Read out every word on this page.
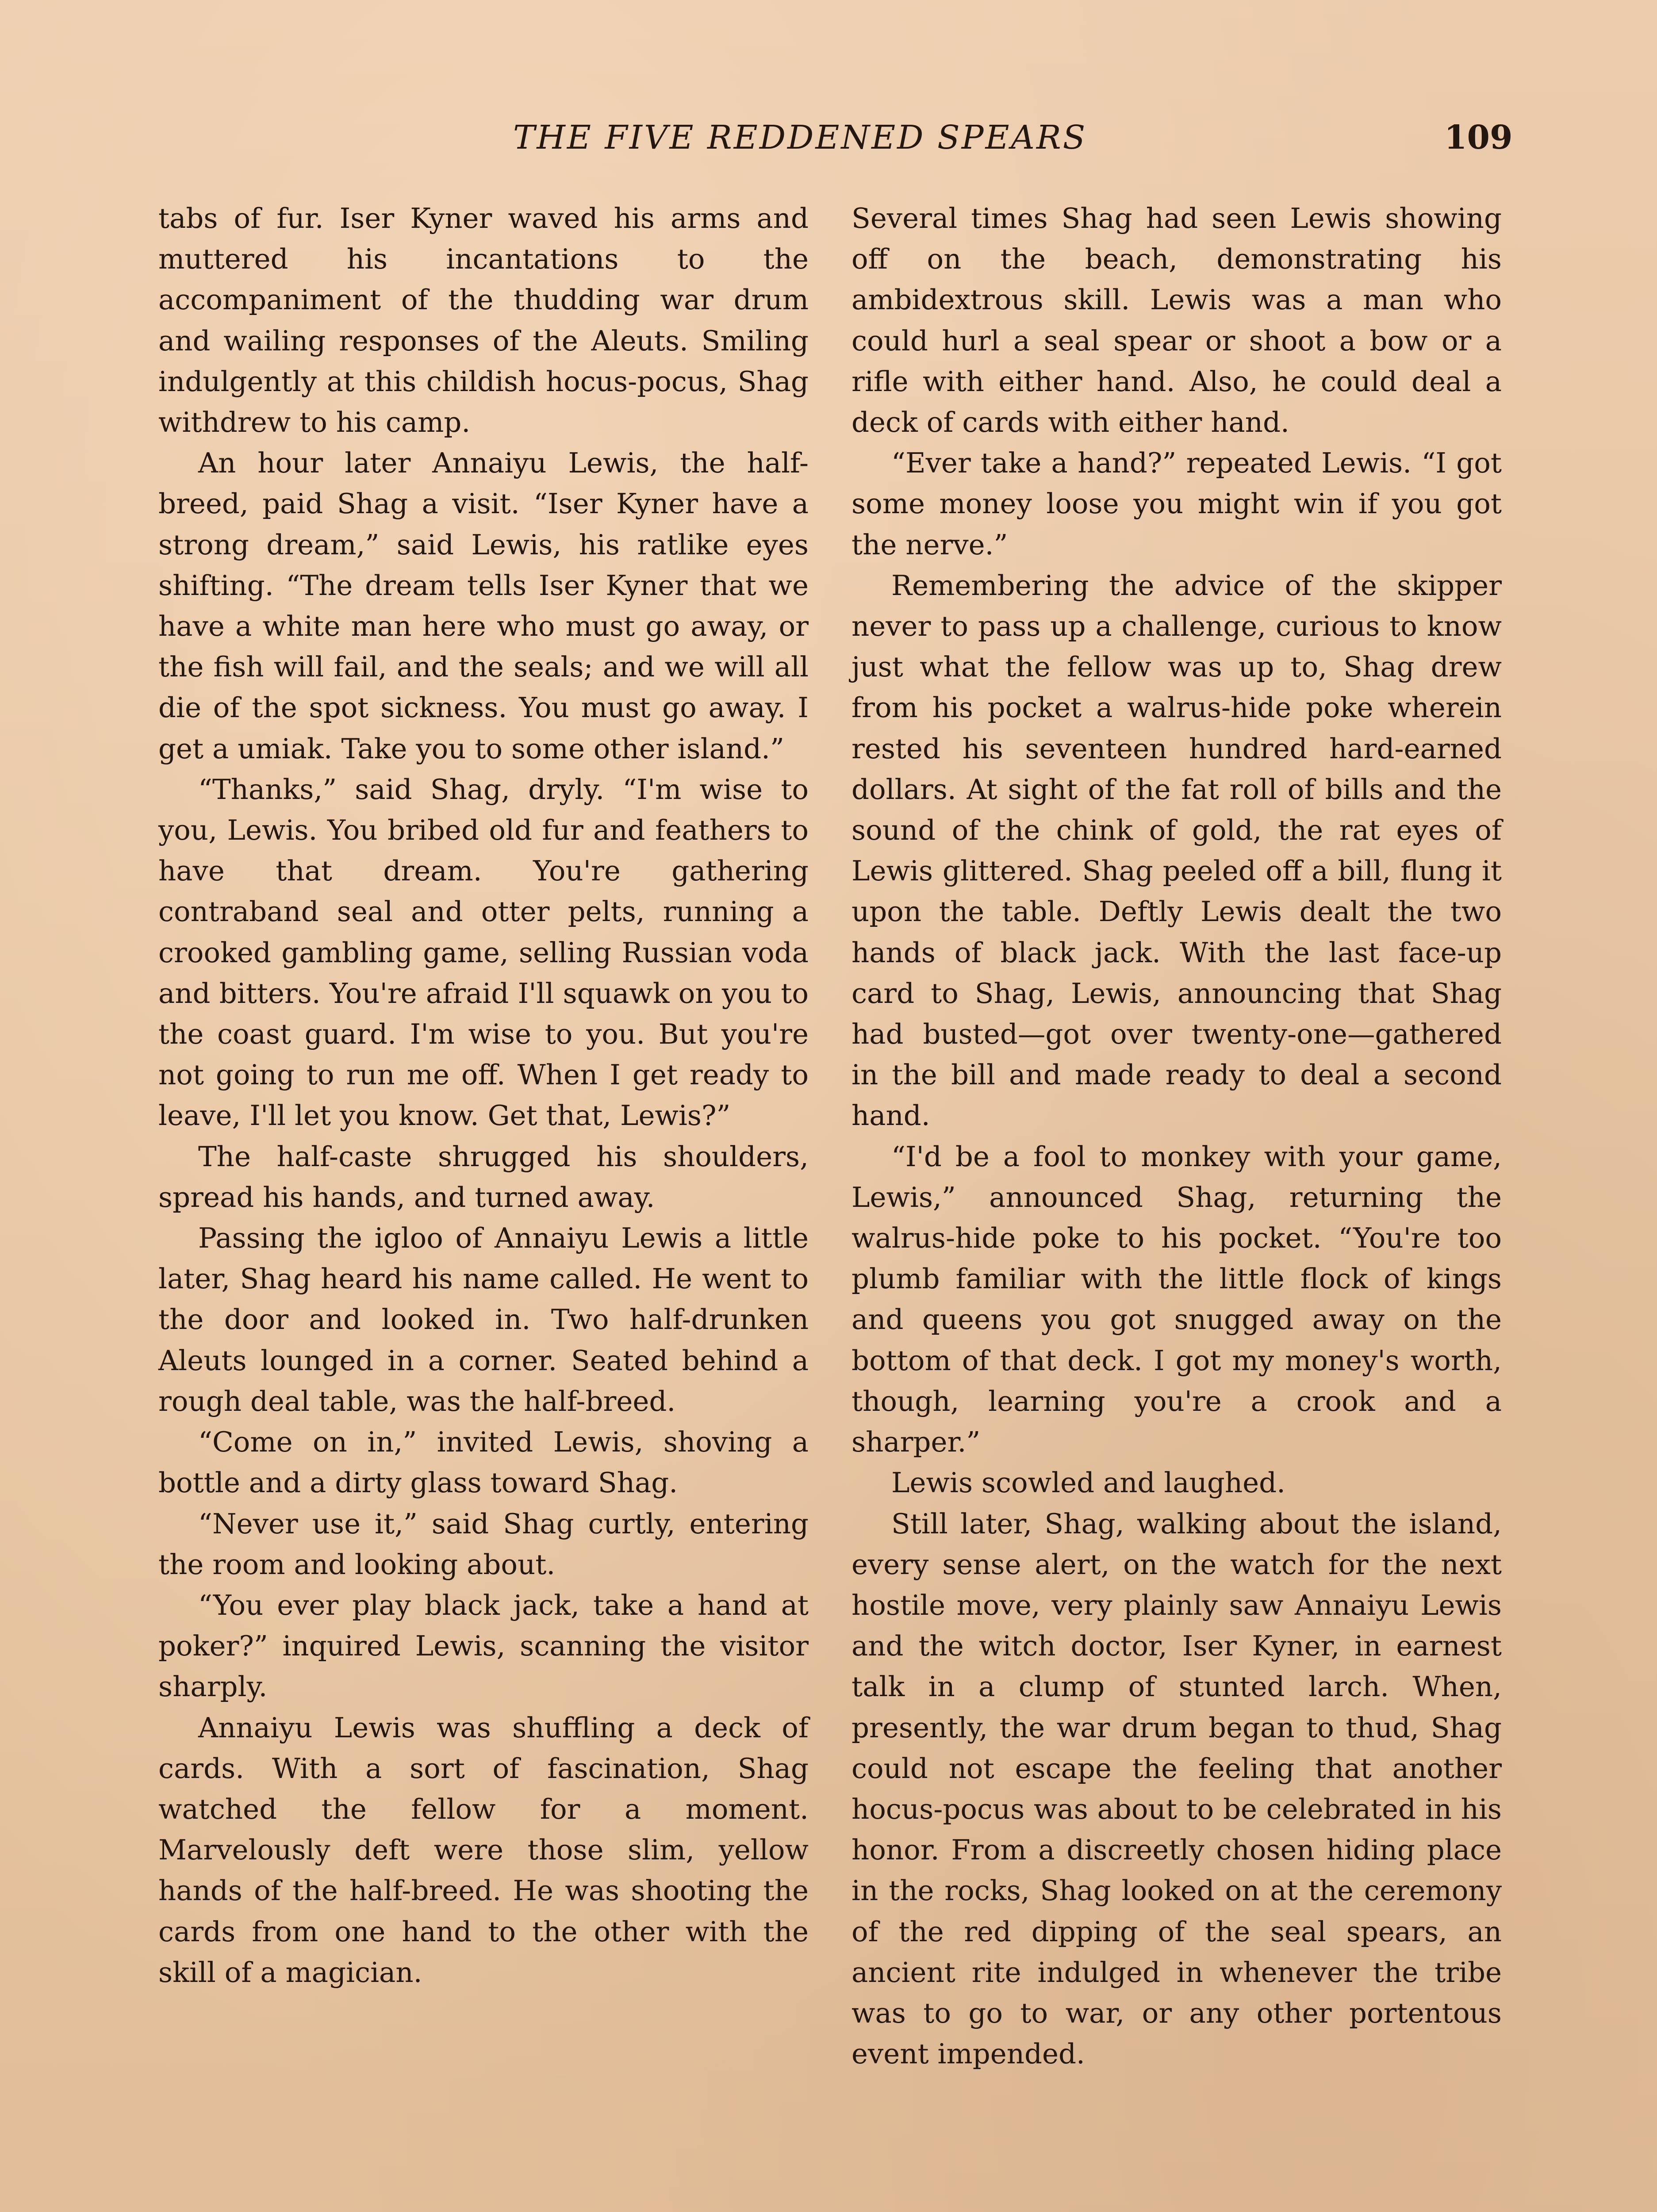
THE FIVE REDDENED SPEARS	109

tabs of fur. Iser Kyner waved his arms and muttered his incantations to the accompaniment of the thudding war drum and wailing responses of the Aleuts. Smiling indulgently at this childish hocus-pocus, Shag withdrew to his camp.

An hour later Annaiyu Lewis, the half-breed, paid Shag a visit. “Iser Kyner have a strong dream,” said Lewis, his ratlike eyes shifting. “The dream tells Iser Kyner that we have a white man here who must go away, or the fish will fail, and the seals; and we will all die of the spot sickness. You must go away. I get a umiak. Take you to some other island.”

“Thanks,” said Shag, dryly. “I'm wise to you, Lewis. You bribed old fur and feathers to have that dream. You're gathering contraband seal and otter pelts, running a crooked gambling game, selling Russian voda and bitters. You're afraid I'll squawk on you to the coast guard. I'm wise to you. But you're not going to run me off. When I get ready to leave, I'll let you know. Get that, Lewis?”

The half-caste shrugged his shoulders, spread his hands, and turned away.

Passing the igloo of Annaiyu Lewis a little later, Shag heard his name called. He went to the door and looked in. Two half-drunken Aleuts lounged in a corner. Seated behind a rough deal table, was the half-breed.

“Come on in,” invited Lewis, shoving a bottle and a dirty glass toward Shag.

“Never use it,” said Shag curtly, entering the room and looking about.

“You ever play black jack, take a hand at poker?” inquired Lewis, scanning the visitor sharply.

Annaiyu Lewis was shuffling a deck of cards. With a sort of fascination, Shag watched the fellow for a moment. Marvelously deft were those slim, yellow hands of the half-breed. He was shooting the cards from one hand to the other with the skill of a magician.

Several times Shag had seen Lewis showing off on the beach, demonstrating his ambidextrous skill. Lewis was a man who could hurl a seal spear or shoot a bow or a rifle with either hand. Also, he could deal a deck of cards with either hand.

“Ever take a hand?” repeated Lewis. “I got some money loose you might win if you got the nerve.”

Remembering the advice of the skipper never to pass up a challenge, curious to know just what the fellow was up to, Shag drew from his pocket a walrus-hide poke wherein rested his seventeen hundred hard-earned dollars. At sight of the fat roll of bills and the sound of the chink of gold, the rat eyes of Lewis glittered. Shag peeled off a bill, flung it upon the table. Deftly Lewis dealt the two hands of black jack. With the last face-up card to Shag, Lewis, announcing that Shag had busted—got over twenty-one—gathered in the bill and made ready to deal a second hand.

“I'd be a fool to monkey with your game, Lewis,” announced Shag, returning the walrus-hide poke to his pocket. “You're too plumb familiar with the little flock of kings and queens you got snugged away on the bottom of that deck. I got my money's worth, though, learning you're a crook and a sharper.”

Lewis scowled and laughed.

Still later, Shag, walking about the island, every sense alert, on the watch for the next hostile move, very plainly saw Annaiyu Lewis and the witch doctor, Iser Kyner, in earnest talk in a clump of stunted larch. When, presently, the war drum began to thud, Shag could not escape the feeling that another hocus-pocus was about to be celebrated in his honor. From a discreetly chosen hiding place in the rocks, Shag looked on at the ceremony of the red dipping of the seal spears, an ancient rite indulged in whenever the tribe was to go to war, or any other portentous event impended.
